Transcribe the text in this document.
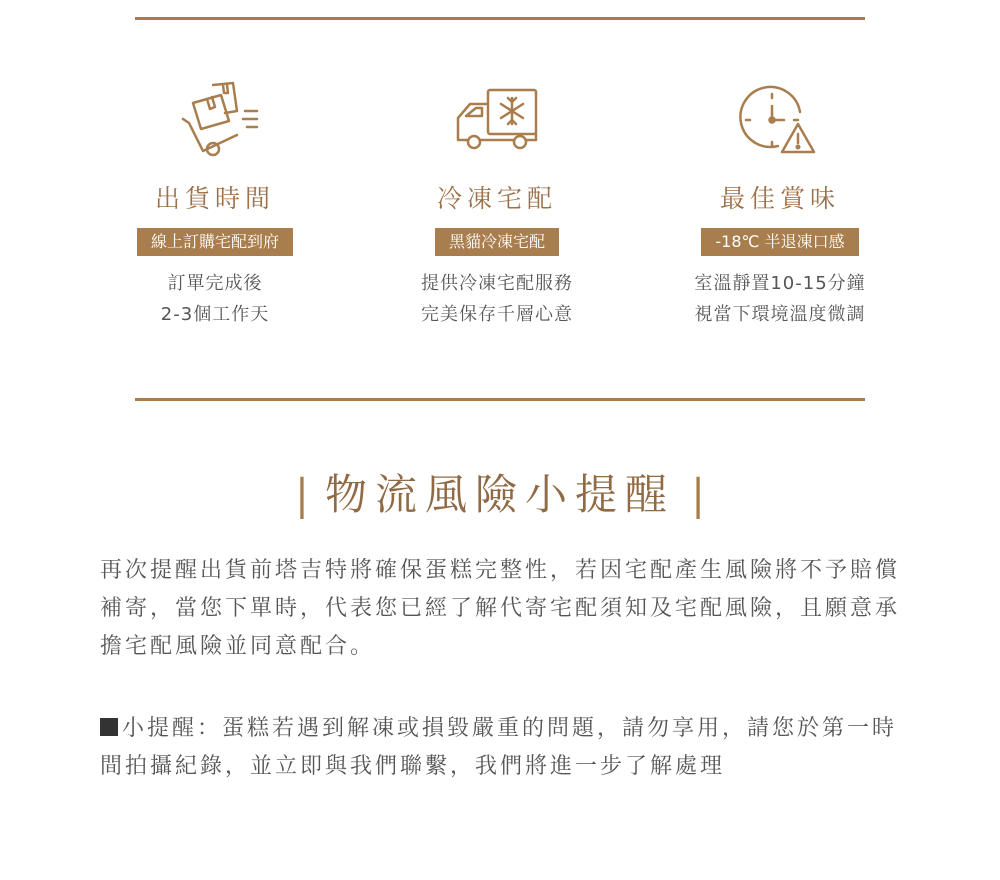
出貨時間
線上訂購宅配到府
訂單完成後
2-3個工作天
冷凍宅配
黑貓冷凍宅配
提供冷凍宅配服務
完美保存千層心意
最佳賞味
-18℃ 半退凍口感
室溫靜置10-15分鐘
視當下環境溫度微調
| 物流風險小提醒 |
再次提醒出貨前塔吉特將確保蛋糕完整性，若因宅配產生風險將不予賠償補寄，當您下單時，代表您已經了解代寄宅配須知及宅配風險，且願意承擔宅配風險並同意配合。
小提醒：蛋糕若遇到解凍或損毀嚴重的問題，請勿享用，請您於第一時間拍攝紀錄，並立即與我們聯繫，我們將進一步了解處理
